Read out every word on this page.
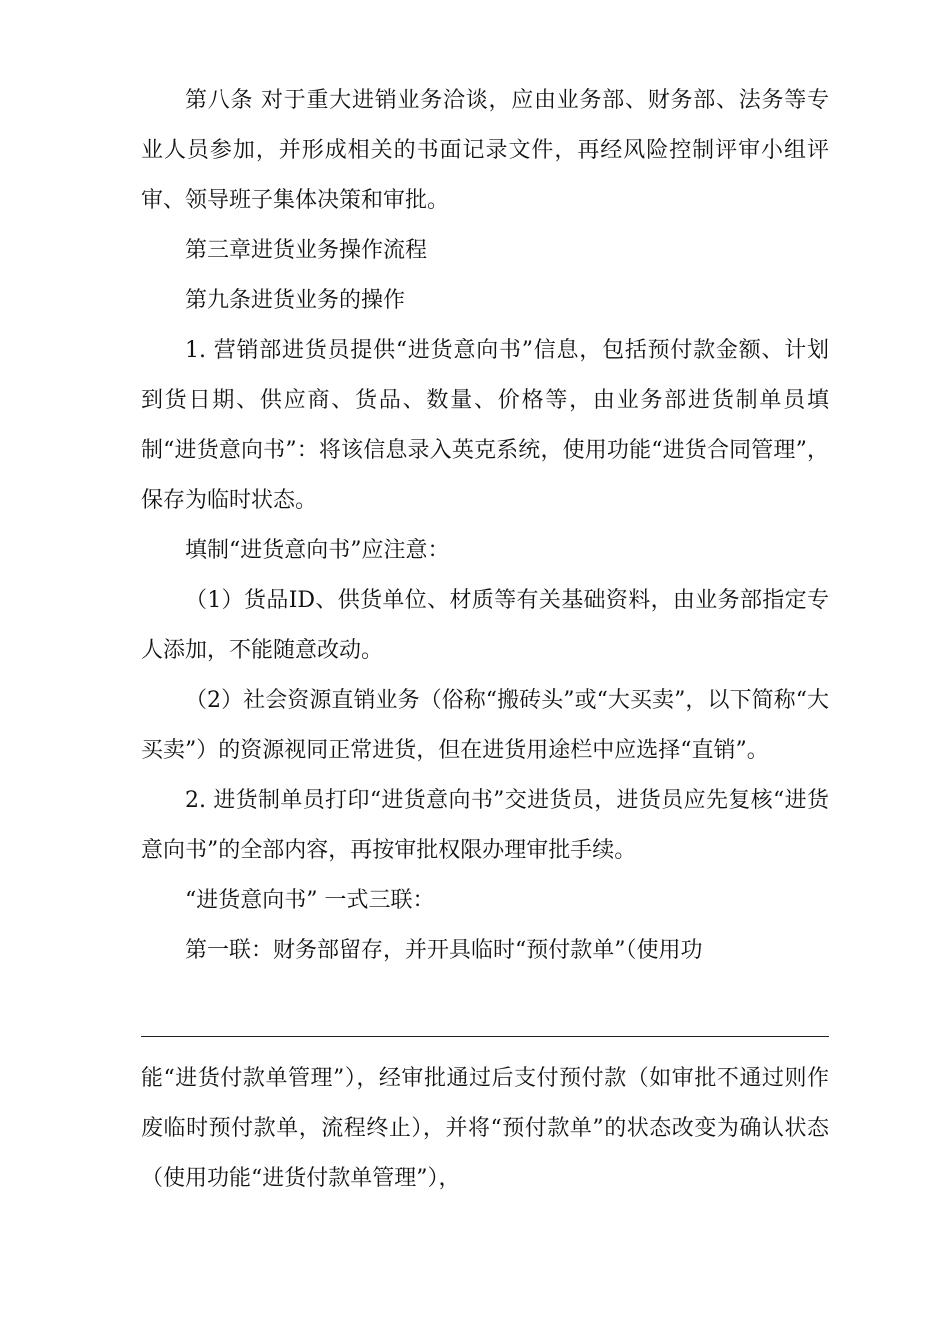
第八条 对于重大进销业务洽谈，应由业务部、财务部、法务等专业人员参加，并形成相关的书面记录文件，再经风险控制评审小组评审、领导班子集体决策和审批。

第三章进货业务操作流程

第九条进货业务的操作

1. 营销部进货员提供“进货意向书”信息，包括预付款金额、计划到货日期、供应商、货品、数量、价格等，由业务部进货制单员填制“进货意向书”：将该信息录入英克系统，使用功能“进货合同管理”，保存为临时状态。

填制“进货意向书”应注意：

（1）货品ID、供货单位、材质等有关基础资料，由业务部指定专人添加，不能随意改动。

（2）社会资源直销业务（俗称“搬砖头”或“大买卖”，以下简称“大买卖”）的资源视同正常进货，但在进货用途栏中应选择“直销”。

2. 进货制单员打印“进货意向书”交进货员，进货员应先复核“进货意向书”的全部内容，再按审批权限办理审批手续。

“进货意向书” 一式三联：

第一联：财务部留存，并开具临时“预付款单”（使用功

能“进货付款单管理”），经审批通过后支付预付款（如审批不通过则作废临时预付款单，流程终止），并将“预付款单”的状态改变为确认状态（使用功能“进货付款单管理”），
